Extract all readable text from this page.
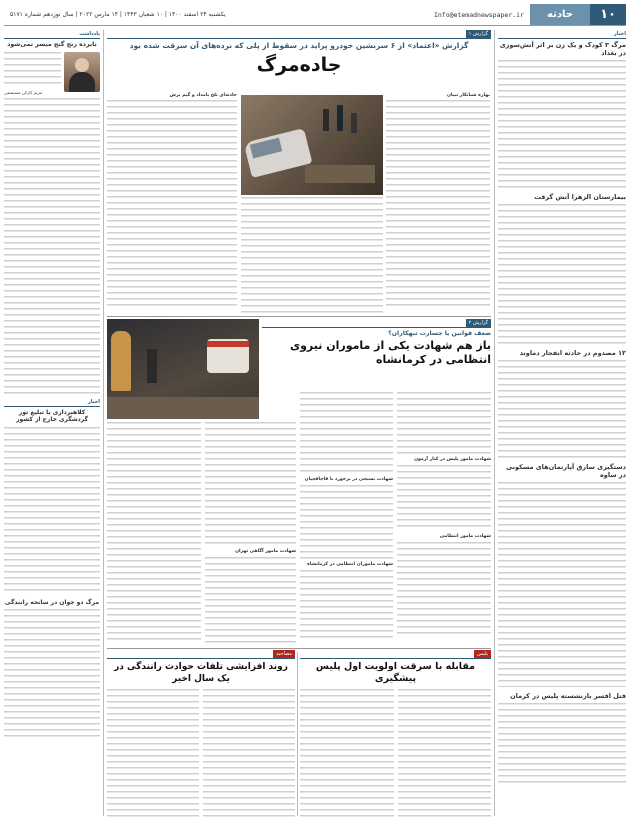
۱۰
حادثه
Info@etemadnewspaper.ir
یکشنبه ۲۴ اسفند ۱۴۰۰ | ۱۰ شعبان ۱۴۴۳ | ۱۴ مارس ۲۰۲۲ | سال نوزدهم شماره ۵۱۷۱
اخبار
مرگ ۳ کودک و یک زن بر اثر آتش‌سوزی در بغداد
بیمارستان الزهرا آتش گرفت
۱۲ مصدوم در حادثه انفجار دماوند
دستگیری سارق آپارتمان‌های مسکونی در ساوه
قتل افسر بازنشسته پلیس در کرمان
یادداشت
نابرده رنج گنج میسر نمی‌شود
مریم کارکن مستشفی
اخبار
کلاهبرداری با تبلیغ تور گردشگری خارج از کشور
مرگ دو جوان در سانحه رانندگی
گزارش ۱
گزارش «اعتماد» از ۶ سرنشین خودرو پراید در سقوط از پلی که نرده‌های آن سرقت شده بود
جاده‌مرگ
بهاره شبانکار تبیان
حادثه‌ای تلخ بامداد و گیم برش
گزارش ۲
ضعف قوانین یا جسارت تبهکاران؟
باز هم شهادت یکی از ماموران نیروی انتظامی در کرمانشاه
شهادت مامور پلیس در کنار آزمون
شهادت مامور انتظامی
شهادت بسیجی در برخورد با قاچاقچیان
شهادت ماموران انتظامی در کرمانشاه
شهادت مامور آگاهی تهران
پلیس
مقابله با سرقت اولویت اول پلیس پیشگیری
مصاحبه
روند افزایشی تلفات حوادث رانندگی در یک سال اخیر
